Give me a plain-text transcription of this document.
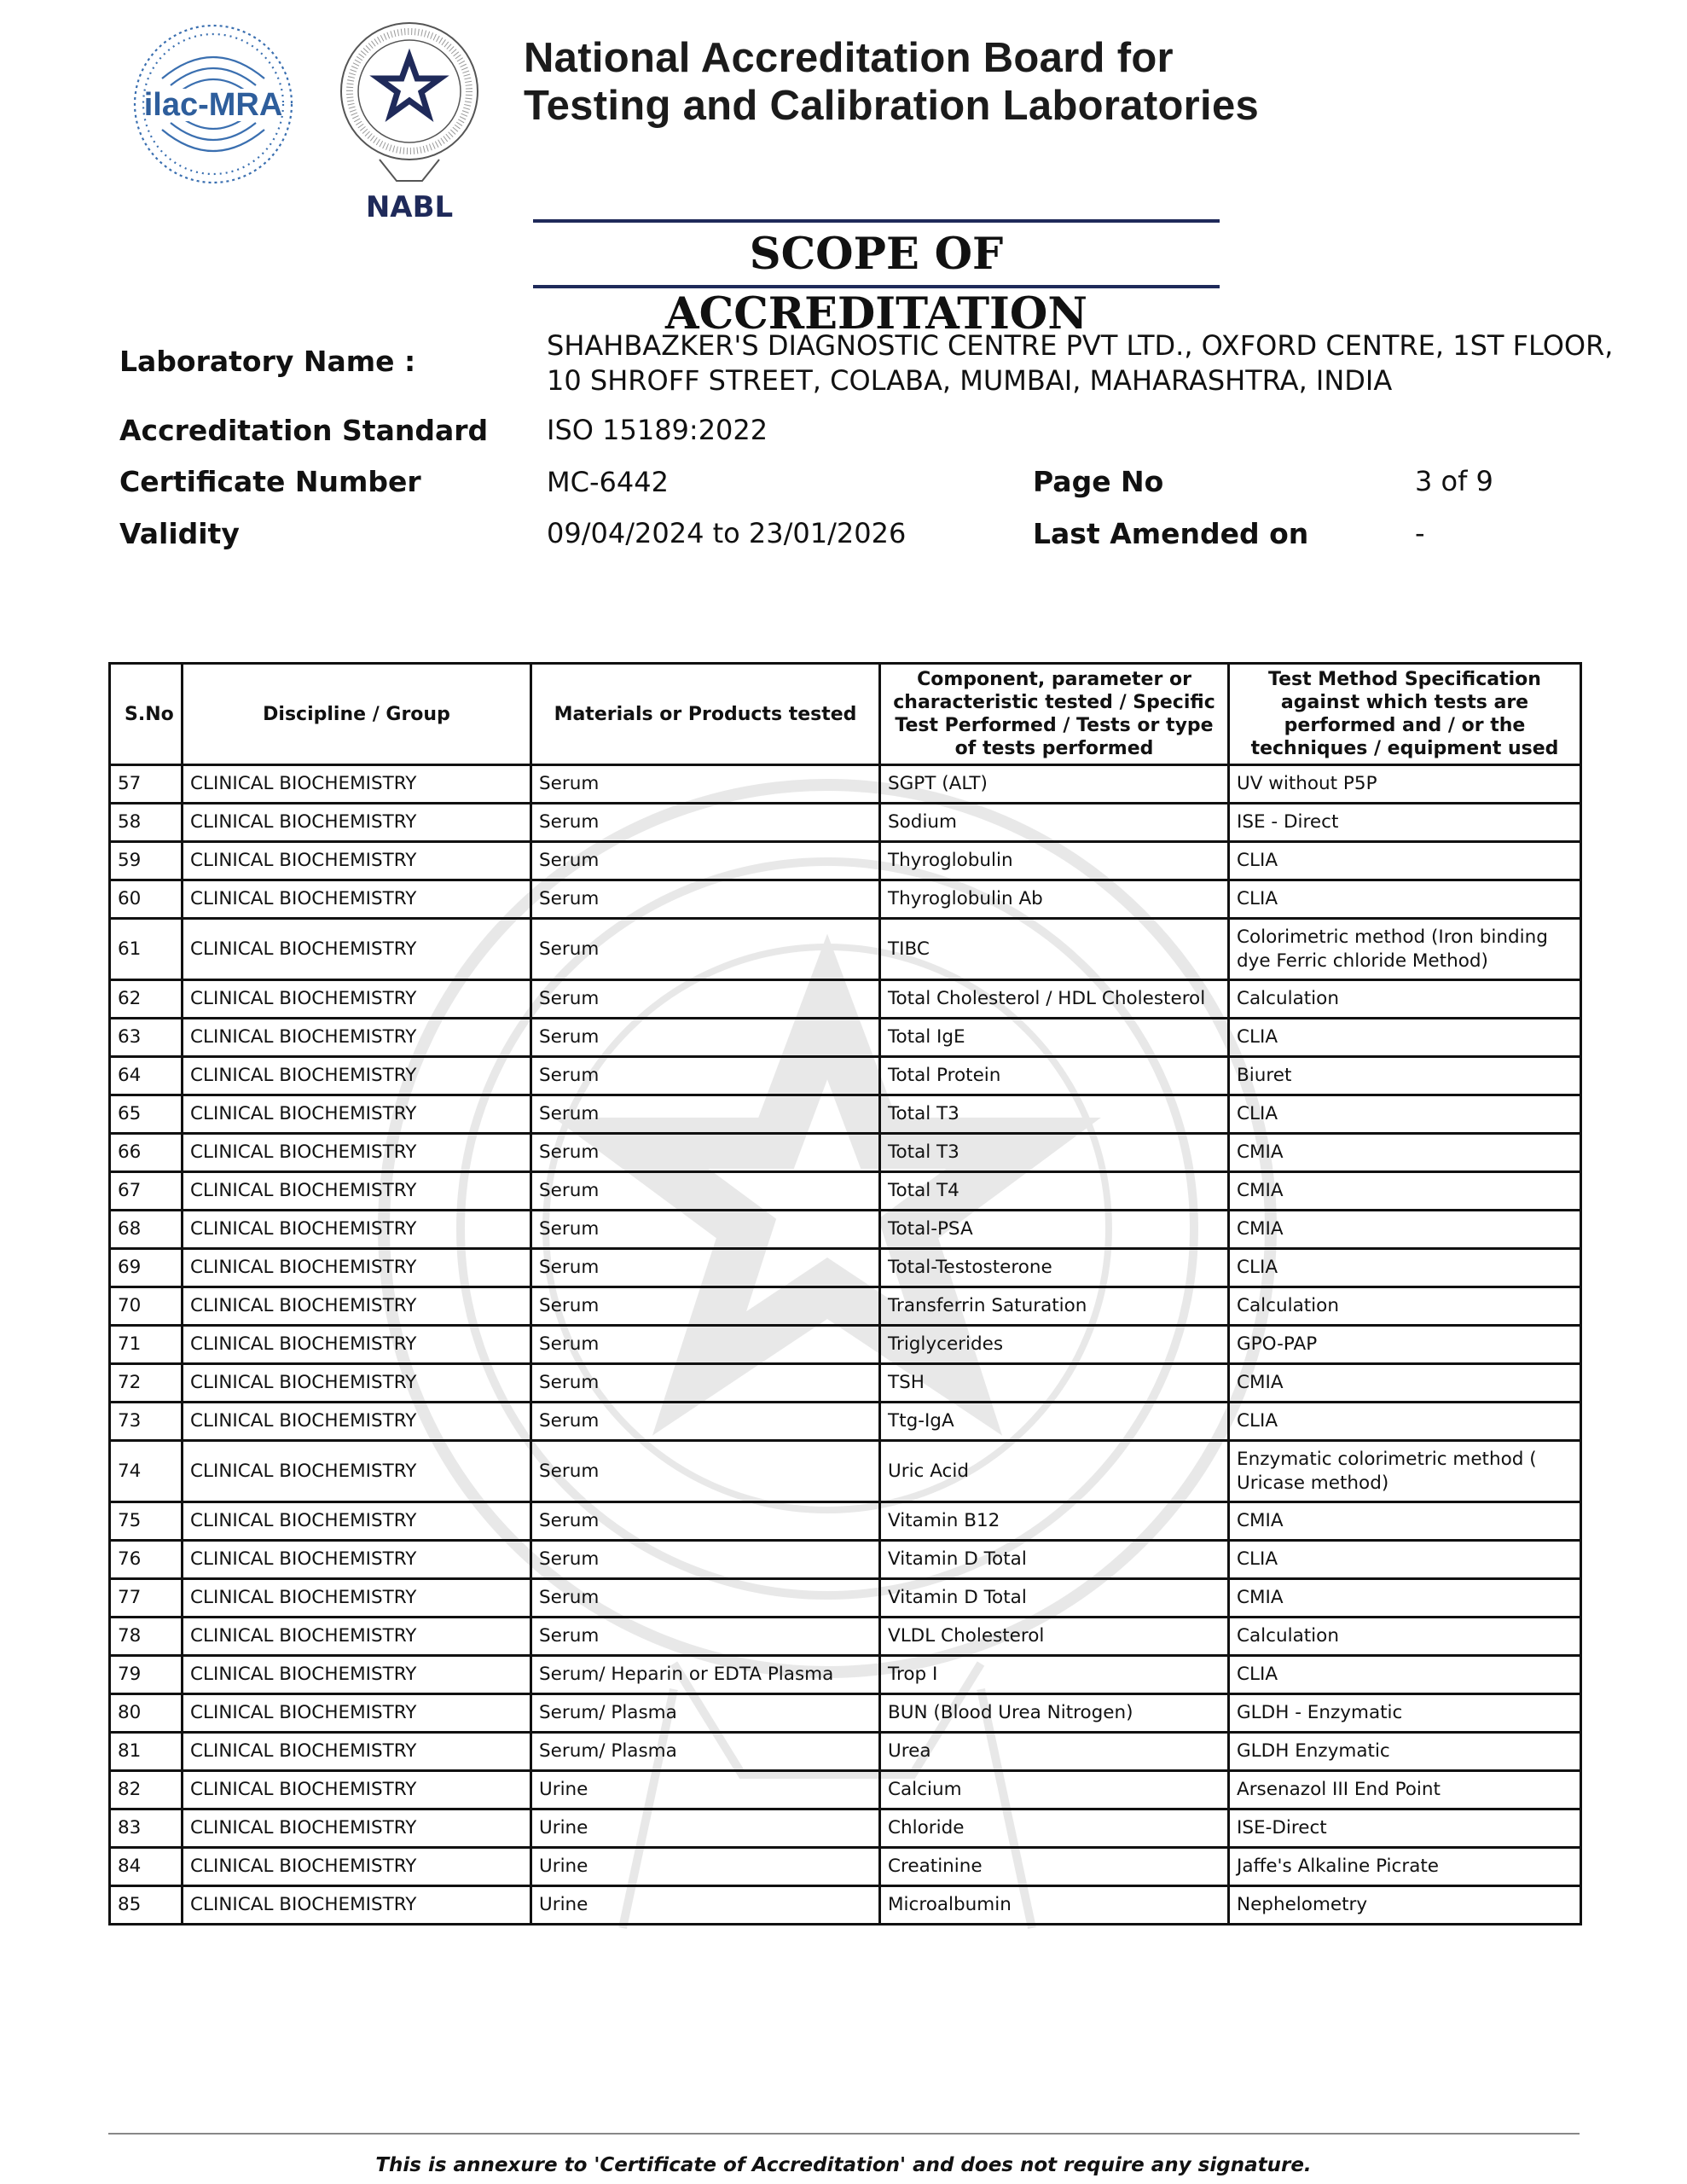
ilac-MRA
NABL
National Accreditation Board for
Testing and Calibration Laboratories
SCOPE OF ACCREDITATION
Laboratory Name :	SHAHBAZKER'S DIAGNOSTIC CENTRE PVT LTD., OXFORD CENTRE, 1ST FLOOR,
10 SHROFF STREET, COLABA, MUMBAI, MAHARASHTRA, INDIA
Accreditation Standard ISO 15189:2022
Certificate Number	MC-6442	Page No	3 of 9
Validity	09/04/2024 to 23/01/2026	Last Amended on	-
S.No	Discipline / Group	Materials or Products tested	Component, parameter or characteristic tested / Specific Test Performed / Tests or type of tests performed	Test Method Specification against which tests are performed and / or the techniques / equipment used
57	CLINICAL BIOCHEMISTRY	Serum	SGPT (ALT)	UV without P5P
58	CLINICAL BIOCHEMISTRY	Serum	Sodium	ISE - Direct
59	CLINICAL BIOCHEMISTRY	Serum	Thyroglobulin	CLIA
60	CLINICAL BIOCHEMISTRY	Serum	Thyroglobulin Ab	CLIA
61	CLINICAL BIOCHEMISTRY	Serum	TIBC	Colorimetric method (Iron binding dye Ferric chloride Method)
62	CLINICAL BIOCHEMISTRY	Serum	Total Cholesterol / HDL Cholesterol	Calculation
63	CLINICAL BIOCHEMISTRY	Serum	Total IgE	CLIA
64	CLINICAL BIOCHEMISTRY	Serum	Total Protein	Biuret
65	CLINICAL BIOCHEMISTRY	Serum	Total T3	CLIA
66	CLINICAL BIOCHEMISTRY	Serum	Total T3	CMIA
67	CLINICAL BIOCHEMISTRY	Serum	Total T4	CMIA
68	CLINICAL BIOCHEMISTRY	Serum	Total-PSA	CMIA
69	CLINICAL BIOCHEMISTRY	Serum	Total-Testosterone	CLIA
70	CLINICAL BIOCHEMISTRY	Serum	Transferrin Saturation	Calculation
71	CLINICAL BIOCHEMISTRY	Serum	Triglycerides	GPO-PAP
72	CLINICAL BIOCHEMISTRY	Serum	TSH	CMIA
73	CLINICAL BIOCHEMISTRY	Serum	Ttg-IgA	CLIA
74	CLINICAL BIOCHEMISTRY	Serum	Uric Acid	Enzymatic colorimetric method ( Uricase method)
75	CLINICAL BIOCHEMISTRY	Serum	Vitamin B12	CMIA
76	CLINICAL BIOCHEMISTRY	Serum	Vitamin D Total	CLIA
77	CLINICAL BIOCHEMISTRY	Serum	Vitamin D Total	CMIA
78	CLINICAL BIOCHEMISTRY	Serum	VLDL Cholesterol	Calculation
79	CLINICAL BIOCHEMISTRY	Serum/ Heparin or EDTA Plasma	Trop I	CLIA
80	CLINICAL BIOCHEMISTRY	Serum/ Plasma	BUN (Blood Urea Nitrogen)	GLDH - Enzymatic
81	CLINICAL BIOCHEMISTRY	Serum/ Plasma	Urea	GLDH Enzymatic
82	CLINICAL BIOCHEMISTRY	Urine	Calcium	Arsenazol III End Point
83	CLINICAL BIOCHEMISTRY	Urine	Chloride	ISE-Direct
84	CLINICAL BIOCHEMISTRY	Urine	Creatinine	Jaffe's Alkaline Picrate
85	CLINICAL BIOCHEMISTRY	Urine	Microalbumin	Nephelometry
This is annexure to 'Certificate of Accreditation' and does not require any signature.
